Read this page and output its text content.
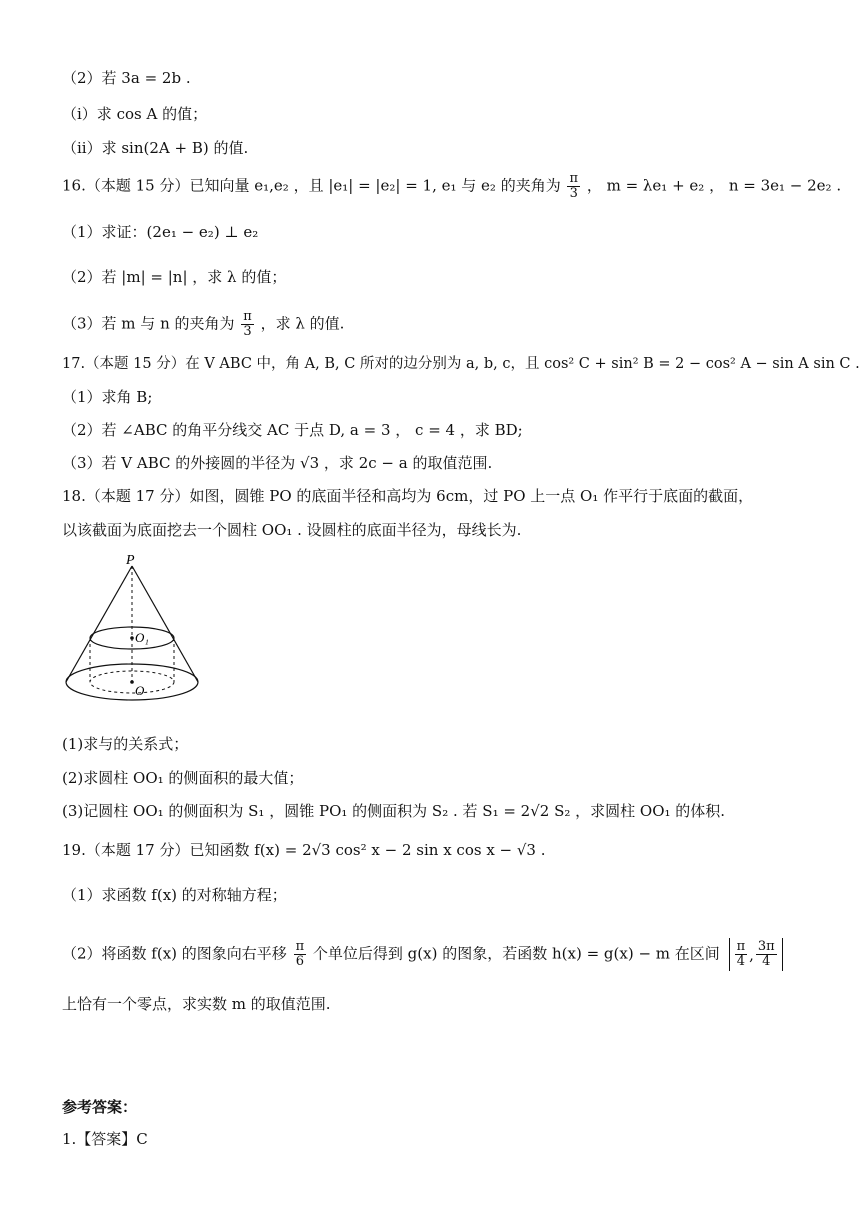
（2）若 3a = 2b .
（i）求 cos A 的值；
（ii）求 sin(2A + B) 的值.
16.（本题 15 分）已知向量 e₁,e₂ ，且 |e₁| = |e₂| = 1, e₁ 与 e₂ 的夹角为 $\frac{\pi}{3}$ ， m = λe₁ + e₂ ， n = 3e₁ − 2e₂ .
（1）求证：(2e₁ − e₂) ⊥ e₂
（2）若 |m| = |n| ，求 λ 的值；
（3）若 m 与 n 的夹角为 $\frac{\pi}{3}$ ，求 λ 的值.
17.（本题 15 分）在 V ABC 中，角 A, B, C 所对的边分别为 a, b, c，且 cos² C + sin² B = 2 − cos² A − sin A sin C .
（1）求角 B;
（2）若 ∠ABC 的角平分线交 AC 于点 D, a = 3 ， c = 4 ，求 BD;
（3）若 V ABC 的外接圆的半径为 √3 ，求 2c − a 的取值范围.
18.（本题 17 分）如图，圆锥 PO 的底面半径和高均为 6cm，过 PO 上一点 O₁ 作平行于底面的截面，
以该截面为底面挖去一个圆柱 OO₁ . 设圆柱的底面半径为，母线长为.
P
O₁
O
(1)求与的关系式；
(2)求圆柱 OO₁ 的侧面积的最大值；
(3)记圆柱 OO₁ 的侧面积为 S₁ ，圆锥 PO₁ 的侧面积为 S₂ . 若 S₁ = 2√2 S₂ ，求圆柱 OO₁ 的体积.
19.（本题 17 分）已知函数 f(x) = 2√3 cos² x − 2 sin x cos x − √3 .
（1）求函数 f(x) 的对称轴方程；
（2）将函数 f(x) 的图象向右平移 $\frac{\pi}{6}$ 个单位后得到 g(x) 的图象，若函数 h(x) = g(x) − m 在区间 $\frac{\pi}{4}$ , $\frac{3\pi}{4}$
上恰有一个零点，求实数 m 的取值范围.
参考答案：
1.【答案】C
